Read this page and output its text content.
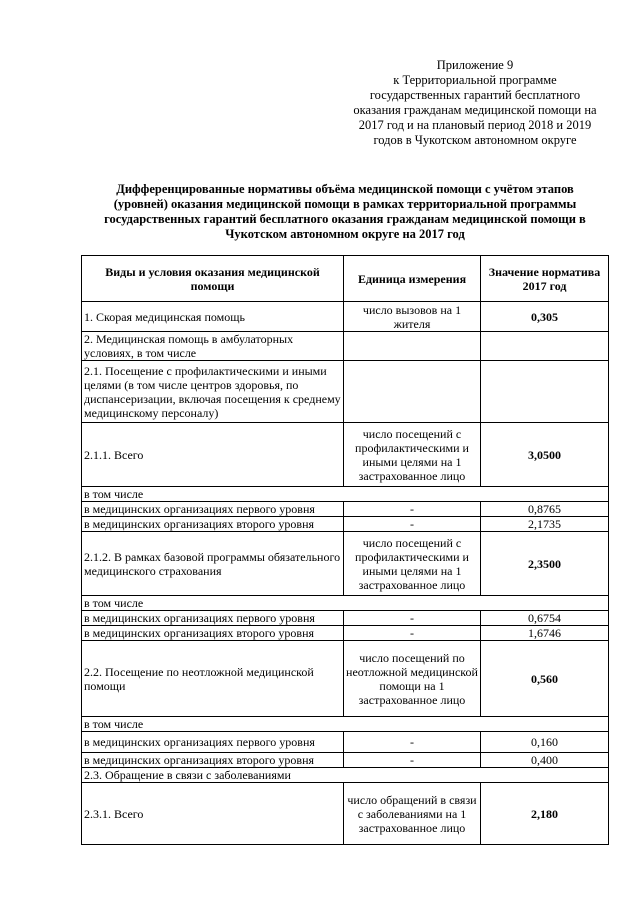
Приложение 9
к Территориальной программе
государственных гарантий бесплатного
оказания гражданам медицинской помощи на
2017 год и на плановый период 2018 и 2019
годов в Чукотском автономном округе
Дифференцированные нормативы объёма медицинской помощи с учётом этапов
(уровней) оказания медицинской помощи в рамках территориальной программы
государственных гарантий бесплатного оказания гражданам медицинской помощи в
Чукотском автономном округе на 2017 год
Виды и условия оказания медицинской помощи	Единица измерения	Значение норматива 2017 год
1. Скорая медицинская помощь	число вызовов на 1 жителя	0,305
2. Медицинская помощь в амбулаторных условиях, в том числе		
2.1. Посещение с профилактическими и иными целями (в том числе центров здоровья, по диспансеризации, включая посещения к среднему медицинскому персоналу)		
2.1.1. Всего	число посещений с профилактическими и иными целями на 1 застрахованное лицо	3,0500
в том числе		
в медицинских организациях первого уровня	-	0,8765
в медицинских организациях второго уровня	-	2,1735
2.1.2. В рамках базовой программы обязательного медицинского страхования	число посещений с профилактическими и иными целями на 1 застрахованное лицо	2,3500
в том числе		
в медицинских организациях первого уровня	-	0,6754
в медицинских организациях второго уровня	-	1,6746
2.2. Посещение по неотложной медицинской помощи	число посещений по неотложной медицинской помощи на 1 застрахованное лицо	0,560
в том числе		
в медицинских организациях первого уровня	-	0,160
в медицинских организациях второго уровня	-	0,400
2.3. Обращение в связи с заболеваниями		
2.3.1. Всего	число обращений в связи с заболеваниями на 1 застрахованное лицо	2,180
